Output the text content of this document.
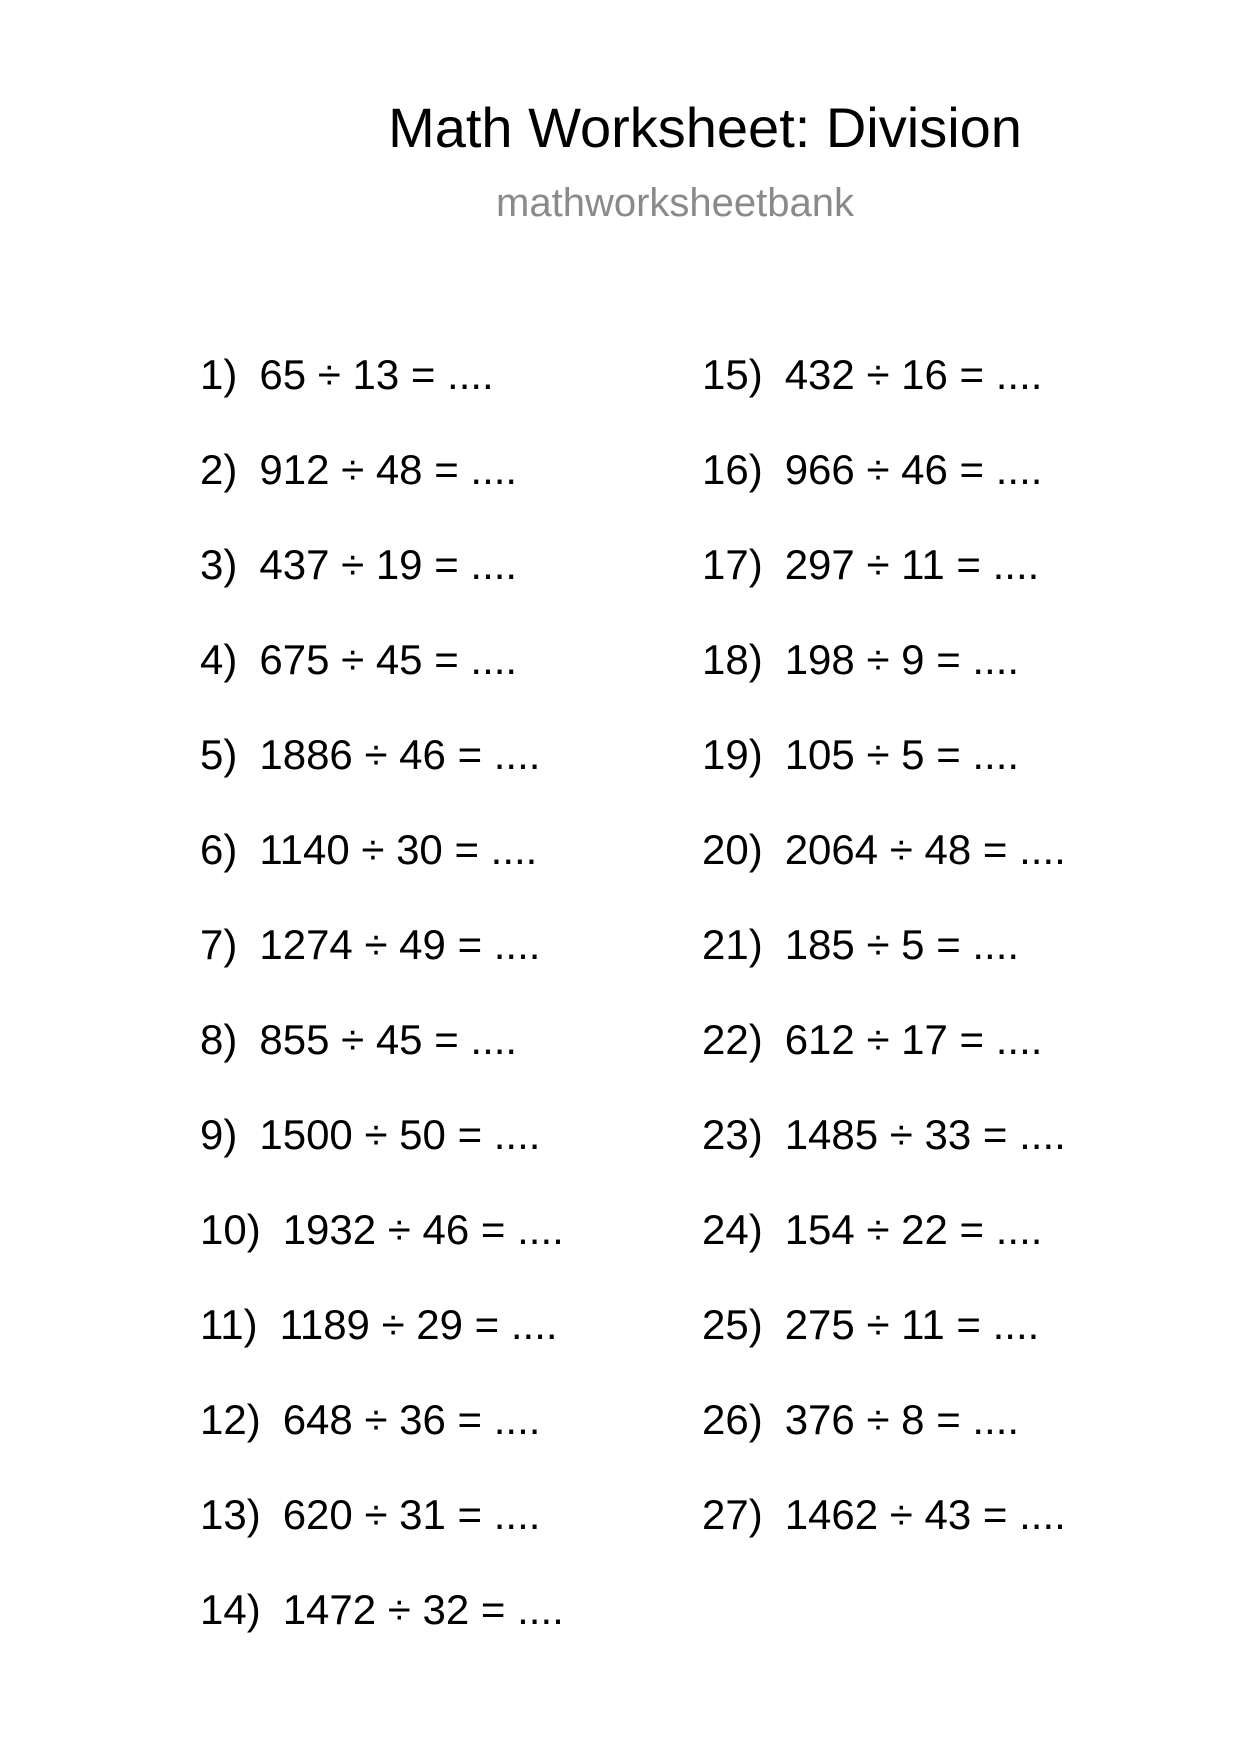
Math Worksheet: Division
mathworksheetbank
1) 65 ÷ 13 = ....
2) 912 ÷ 48 = ....
3) 437 ÷ 19 = ....
4) 675 ÷ 45 = ....
5) 1886 ÷ 46 = ....
6) 1140 ÷ 30 = ....
7) 1274 ÷ 49 = ....
8) 855 ÷ 45 = ....
9) 1500 ÷ 50 = ....
10) 1932 ÷ 46 = ....
11) 1189 ÷ 29 = ....
12) 648 ÷ 36 = ....
13) 620 ÷ 31 = ....
14) 1472 ÷ 32 = ....
15) 432 ÷ 16 = ....
16) 966 ÷ 46 = ....
17) 297 ÷ 11 = ....
18) 198 ÷ 9 = ....
19) 105 ÷ 5 = ....
20) 2064 ÷ 48 = ....
21) 185 ÷ 5 = ....
22) 612 ÷ 17 = ....
23) 1485 ÷ 33 = ....
24) 154 ÷ 22 = ....
25) 275 ÷ 11 = ....
26) 376 ÷ 8 = ....
27) 1462 ÷ 43 = ....
